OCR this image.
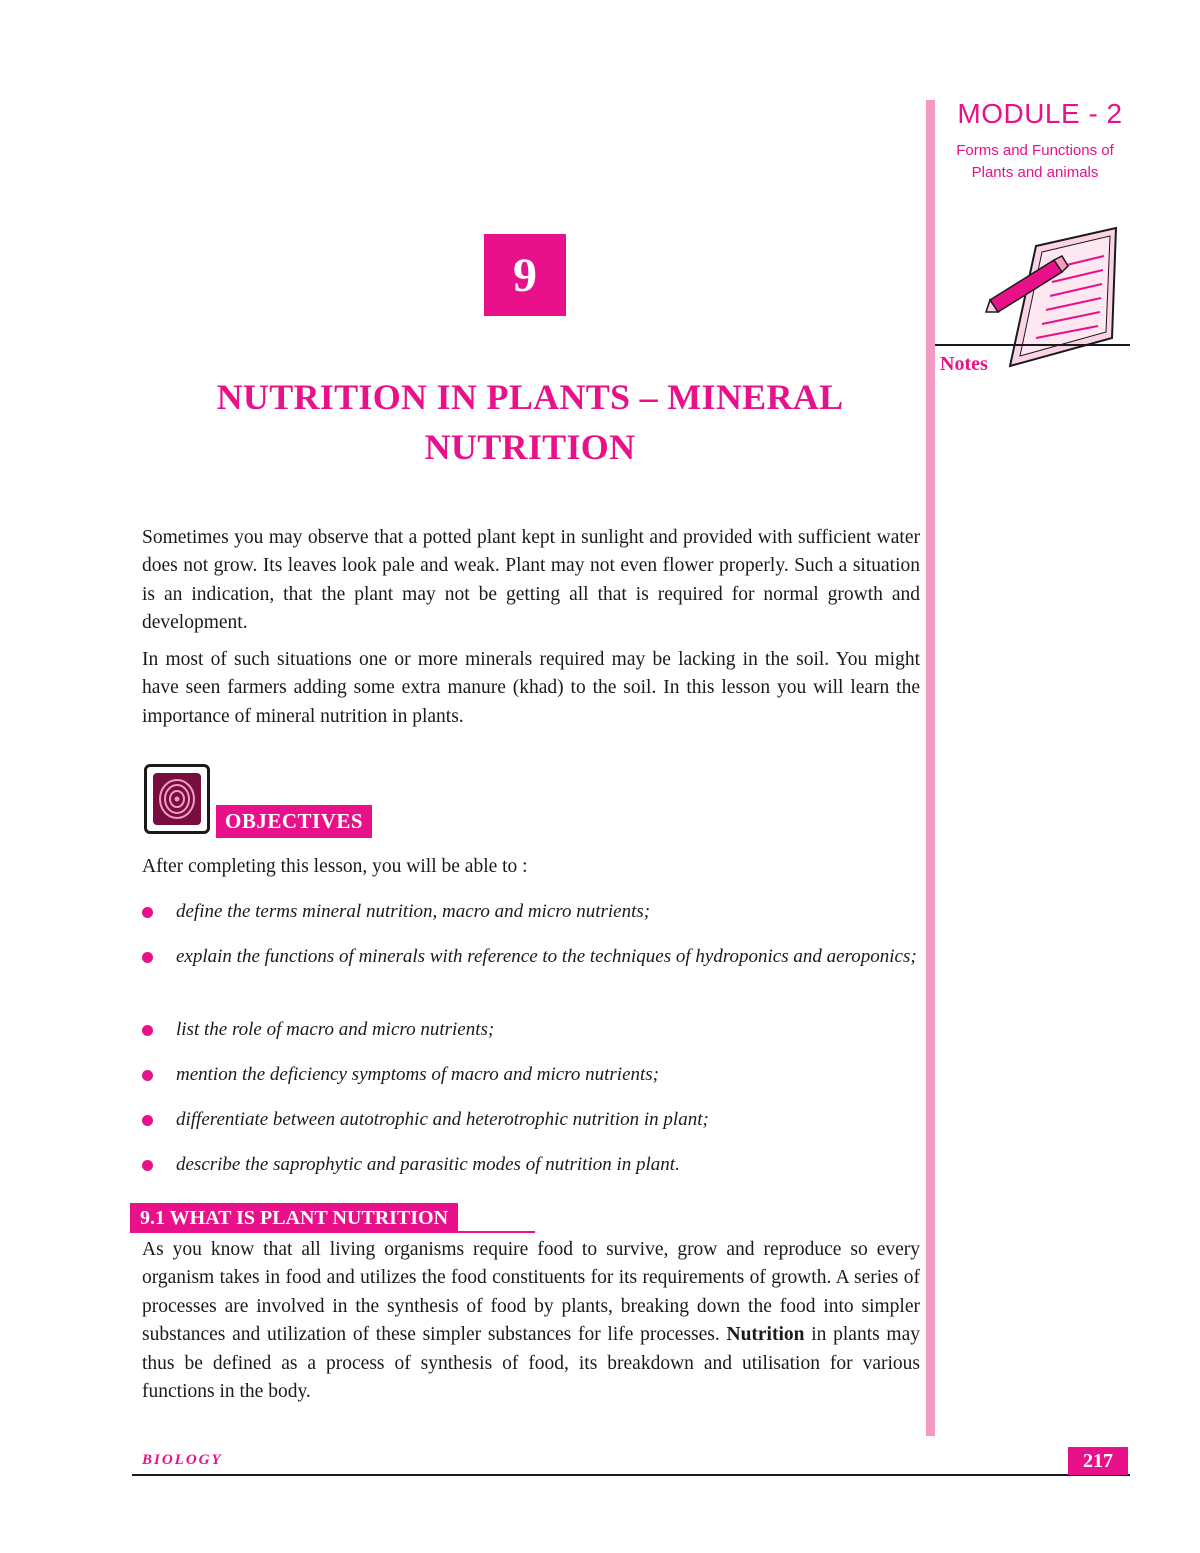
MODULE - 2
Forms and Functions of
Plants and animals
Notes
9
NUTRITION IN PLANTS – MINERAL NUTRITION

Sometimes you may observe that a potted plant kept in sunlight and provided with sufficient water does not grow. Its leaves look pale and weak. Plant may not even flower properly. Such a situation is an indication, that the plant may not be getting all that is required for normal growth and development.

In most of such situations one or more minerals required may be lacking in the soil. You might have seen farmers adding some extra manure (khad) to the soil. In this lesson you will learn the importance of mineral nutrition in plants.

OBJECTIVES
After completing this lesson, you will be able to :
define the terms mineral nutrition, macro and micro nutrients;
explain the functions of minerals with reference to the techniques of hydroponics and aeroponics;
list the role of macro and micro nutrients;
mention the deficiency symptoms of macro and micro nutrients;
differentiate between autotrophic and heterotrophic nutrition in plant;
describe the saprophytic and parasitic modes of nutrition in plant.
9.1 WHAT IS PLANT NUTRITION

As you know that all living organisms require food to survive, grow and reproduce so every organism takes in food and utilizes the food constituents for its requirements of growth. A series of processes are involved in the synthesis of food by plants, breaking down the food into simpler substances and utilization of these simpler substances for life processes. Nutrition in plants may thus be defined as a process of synthesis of food, its breakdown and utilisation for various functions in the body.

BIOLOGY	217
